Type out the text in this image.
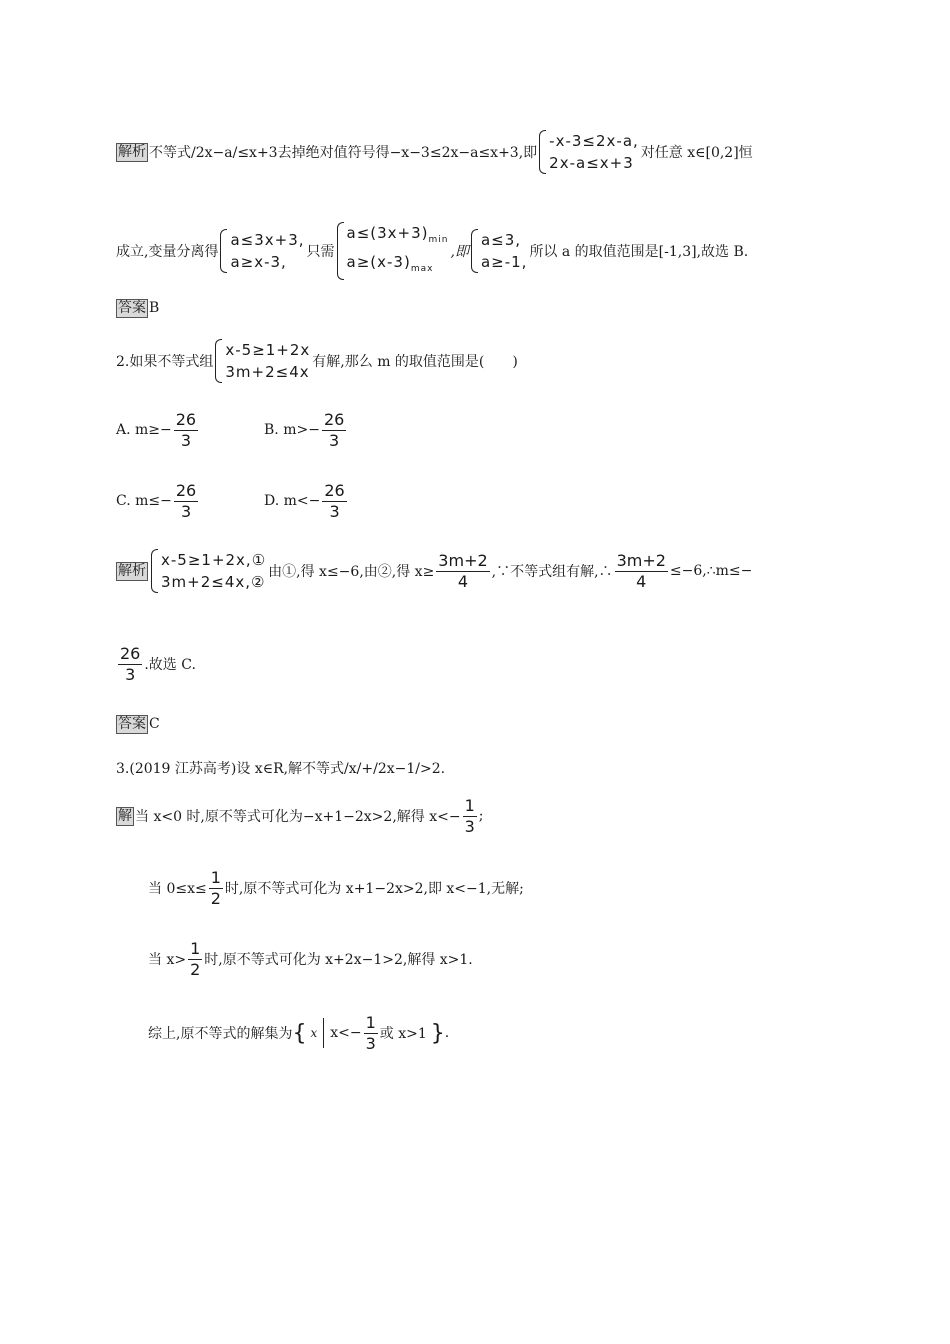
解析 不等式/2x−a/≤x+3去掉绝对值符号得−x−3≤2x−a≤x+3,即
-x-3≤2x-a,
2x-a≤x+3
对任意 x∈[0,2]恒
成立,变量分离得
a≤3x+3,
a≥x-3,
只需
$a\le(3x+3)_{min}$
$a\ge(x-3)_{max}$
,即
a≤3,
a≥-1,
所以 a 的取值范围是[-1,3],故选 B.
答案 B
2.如果不等式组
x-5≥1+2x
3m+2≤4x
有解,那么 m 的取值范围是(　　)
A. $m\ge- \frac{26}{3}$	B. $m>- \frac{26}{3}$
C. $m\le- \frac{26}{3}$	D. $m<- \frac{26}{3}$
解析
x-5≥1+2x,①
3m+2≤4x,②
由①,得 x≤−6,由②,得 $x\ge \frac{3m+2}{4}$ ,∵不等式组有解,∴ $\frac{3m+2}{4}$ ≤−6,∴m≤−
$\frac{26}{3}$ .故选 C.
答案 C
3.(2019 江苏高考)设 x∈R,解不等式/x/+/2x−1/>2.
解 当 x<0 时,原不等式可化为−x+1−2x>2,解得 $x<- \frac{1}{3}$ ;
当 $0\le x\le \frac{1}{2}$ 时,原不等式可化为 x+1−2x>2,即 x<−1,无解;
当 $x> \frac{1}{2}$ 时,原不等式可化为 x+2x−1>2,解得 x>1.
综上,原不等式的解集为 { x $x<- \frac{1}{3}$ 或 x>1 } .
